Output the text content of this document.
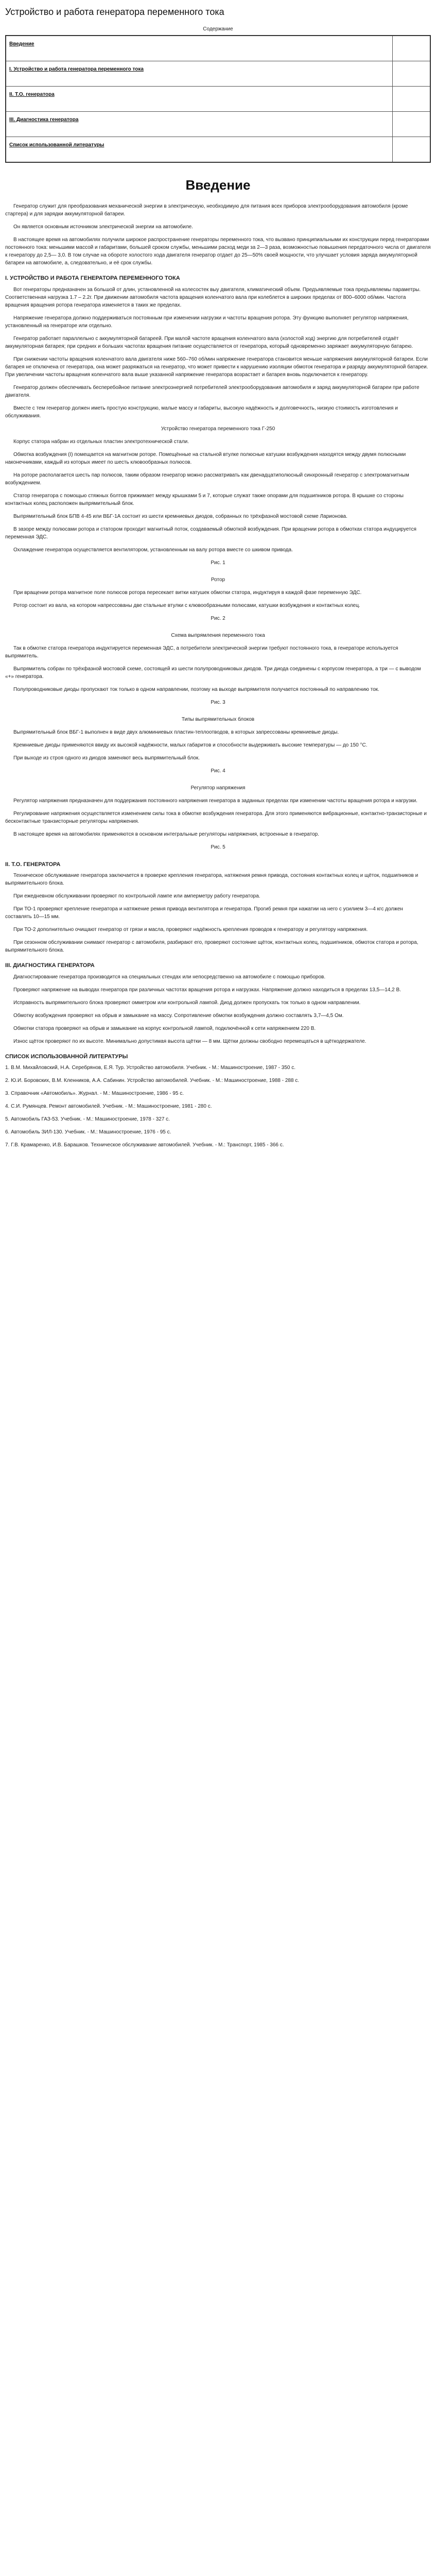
Устройство и работа генератора переменного тока
Содержание
Введение	
I. Устройство и работа генератора переменного тока	
II. Т.О. генератора	
III. Диагностика генератора	
Список использованной литературы	
Введение

Генератор служит для преобразования механической энергии в электрическую, необходимую для питания всех приборов электрооборудования автомобиля (кроме стартера) и для зарядки аккумуляторной батареи.

Он является основным источником электрической энергии на автомобиле.

В настоящее время на автомобилях получили широкое распространение генераторы переменного тока, что вызвано принципиальными их конструкции перед генераторами постоянного тока: меньшими массой и габаритами, большей сроком службы, меньшими расход меди за 2—3 раза, возможностью повышения передаточного числа от двигателя к генератору до 2,5— 3,0. В том случае на обороте холостого хода двигателя генератор отдает до 25—50% своей мощности, что улучшает условия заряда аккумуляторной батареи на автомобиле, а, следовательно, и её срок службы.

I. УСТРОЙСТВО И РАБОТА ГЕНЕРАТОРА ПЕРЕМЕННОГО ТОКА

Вот генераторы предназначен за большой от длин, установленной на колесостек выу двигателя, климатический объем. Предъявляемые тока предъявляемы параметры. Соответственная нагрузка 1.7 – 2.2г. При движении автомобиля частота вращения коленчатого вала при колеблется в широких пределах от 800–6000 об/мин. Частота вращения вращения ротора генератора изменяется в таких же пределах.

Напряжение генератора должно поддерживаться постоянным при изменении нагрузки и частоты вращения ротора. Эту функцию выполняет регулятор напряжения, установленный на генераторе или отдельно.

Генератор работает параллельно с аккумуляторной батареей. При малой частоте вращения коленчатого вала (холостой ход) энергию для потребителей отдаёт аккумуляторная батарея; при средних и больших частотах вращения питание осуществляется от генератора, который одновременно заряжает аккумуляторную батарею.

При снижении частоты вращения коленчатого вала двигателя ниже 560–760 об/мин напряжение генератора становится меньше напряжения аккумуляторной батареи. Если батарея не отключена от генератора, она может разряжаться на генератор, что может привести к нарушению изоляции обмоток генератора и разряду аккумуляторной батареи. При увеличении частоты вращения коленчатого вала выше указанной напряжение генератора возрастает и батарея вновь подключается к генератору.

Генератор должен обеспечивать бесперебойное питание электроэнергией потребителей электрооборудования автомобиля и заряд аккумуляторной батареи при работе двигателя.

Вместе с тем генератор должен иметь простую конструкцию, малые массу и габариты, высокую надёжность и долговечность, низкую стоимость изготовления и обслуживания.

Устройство генератора переменного тока Г-250

Корпус статора набран из отдельных пластин электротехнической стали.

Обмотка возбуждения (I) помещается на магнитном роторе. Помещённые на стальной втулке полюсные катушки возбуждения находятся между двумя полюсными наконечниками, каждый из которых имеет по шесть клювообразных полюсов.

На роторе располагается шесть пар полюсов, таким образом генератор можно рассматривать как двенадцатиполюсный синхронный генератор с электромагнитным возбуждением.

Статор генератора с помощью стяжных болтов прижимает между крышками 5 и 7, которые служат также опорами для подшипников ротора. В крышке со стороны контактных колец расположен выпрямительный блок.

Выпрямительный блок БПВ 4-45 или ВБГ-1А состоит из шести кремниевых диодов, собранных по трёхфазной мостовой схеме Ларионова.

В зазоре между полюсами ротора и статором проходит магнитный поток, создаваемый обмоткой возбуждения. При вращении ротора в обмотках статора индуцируется переменная ЭДС.

Охлаждение генератора осуществляется вентилятором, установленным на валу ротора вместе со шкивом привода.

Рис. 1

Ротор

При вращении ротора магнитное поле полюсов ротора пересекает витки катушек обмотки статора, индуктируя в каждой фазе переменную ЭДС.

Ротор состоит из вала, на котором напрессованы две стальные втулки с клювообразными полюсами, катушки возбуждения и контактных колец.

Рис. 2

Схема выпрямления переменного тока

Так в обмотке статора генератора индуктируется переменная ЭДС, а потребители электрической энергии требуют постоянного тока, в генераторе используется выпрямитель.

Выпрямитель собран по трёхфазной мостовой схеме, состоящей из шести полупроводниковых диодов. Три диода соединены с корпусом генератора, а три — с выводом «+» генератора.

Полупроводниковые диоды пропускают ток только в одном направлении, поэтому на выходе выпрямителя получается постоянный по направлению ток.

Рис. 3

Типы выпрямительных блоков

Выпрямительный блок ВБГ-1 выполнен в виде двух алюминиевых пластин-теплоотводов, в которых запрессованы кремниевые диоды.

Кремниевые диоды применяются ввиду их высокой надёжности, малых габаритов и способности выдерживать высокие температуры — до 150 °С.

При выходе из строя одного из диодов заменяют весь выпрямительный блок.

Рис. 4

Регулятор напряжения

Регулятор напряжения предназначен для поддержания постоянного напряжения генератора в заданных пределах при изменении частоты вращения ротора и нагрузки.

Регулирование напряжения осуществляется изменением силы тока в обмотке возбуждения генератора. Для этого применяются вибрационные, контактно-транзисторные и бесконтактные транзисторные регуляторы напряжения.

В настоящее время на автомобилях применяются в основном интегральные регуляторы напряжения, встроенные в генератор.

Рис. 5
II. Т.О. ГЕНЕРАТОРА

Техническое обслуживание генератора заключается в проверке крепления генератора, натяжения ремня привода, состояния контактных колец и щёток, подшипников и выпрямительного блока.

При ежедневном обслуживании проверяют по контрольной лампе или амперметру работу генератора.

При ТО-1 проверяют крепление генератора и натяжение ремня привода вентилятора и генератора. Прогиб ремня при нажатии на него с усилием 3—4 кгс должен составлять 10—15 мм.

При ТО-2 дополнительно очищают генератор от грязи и масла, проверяют надёжность крепления проводов к генератору и регулятору напряжения.

При сезонном обслуживании снимают генератор с автомобиля, разбирают его, проверяют состояние щёток, контактных колец, подшипников, обмоток статора и ротора, выпрямительного блока.

III. ДИАГНОСТИКА ГЕНЕРАТОРА

Диагностирование генератора производится на специальных стендах или непосредственно на автомобиле с помощью приборов.

Проверяют напряжение на выводах генератора при различных частотах вращения ротора и нагрузках. Напряжение должно находиться в пределах 13,5—14,2 В.

Исправность выпрямительного блока проверяют омметром или контрольной лампой. Диод должен пропускать ток только в одном направлении.

Обмотку возбуждения проверяют на обрыв и замыкание на массу. Сопротивление обмотки возбуждения должно составлять 3,7—4,5 Ом.

Обмотки статора проверяют на обрыв и замыкание на корпус контрольной лампой, подключённой к сети напряжением 220 В.

Износ щёток проверяют по их высоте. Минимально допустимая высота щётки — 8 мм. Щётки должны свободно перемещаться в щёткодержателе.

СПИСОК ИСПОЛЬЗОВАННОЙ ЛИТЕРАТУРЫ
1. В.М. Михайловский, Н.А. Серебрянов, Е.Я. Тур. Устройство автомобиля. Учебник. - М.: Машиностроение, 1987 - 350 с.
2. Ю.И. Боровских, В.М. Кленников, А.А. Сабинин. Устройство автомобилей. Учебник. - М.: Машиностроение, 1988 - 288 с.
3. Справочник «Автомобиль». Журнал. - М.: Машиностроение, 1986 - 95 с.
4. С.И. Румянцев. Ремонт автомобилей. Учебник. - М.: Машиностроение, 1981 - 280 с.
5. Автомобиль ГАЗ-53. Учебник. - М.: Машиностроение, 1978 - 327 с.
6. Автомобиль ЗИЛ-130. Учебник. - М.: Машиностроение, 1976 - 95 с.
7. Г.В. Крамаренко, И.В. Барашков. Техническое обслуживание автомобилей. Учебник. - М.: Транспорт, 1985 - 366 с.
